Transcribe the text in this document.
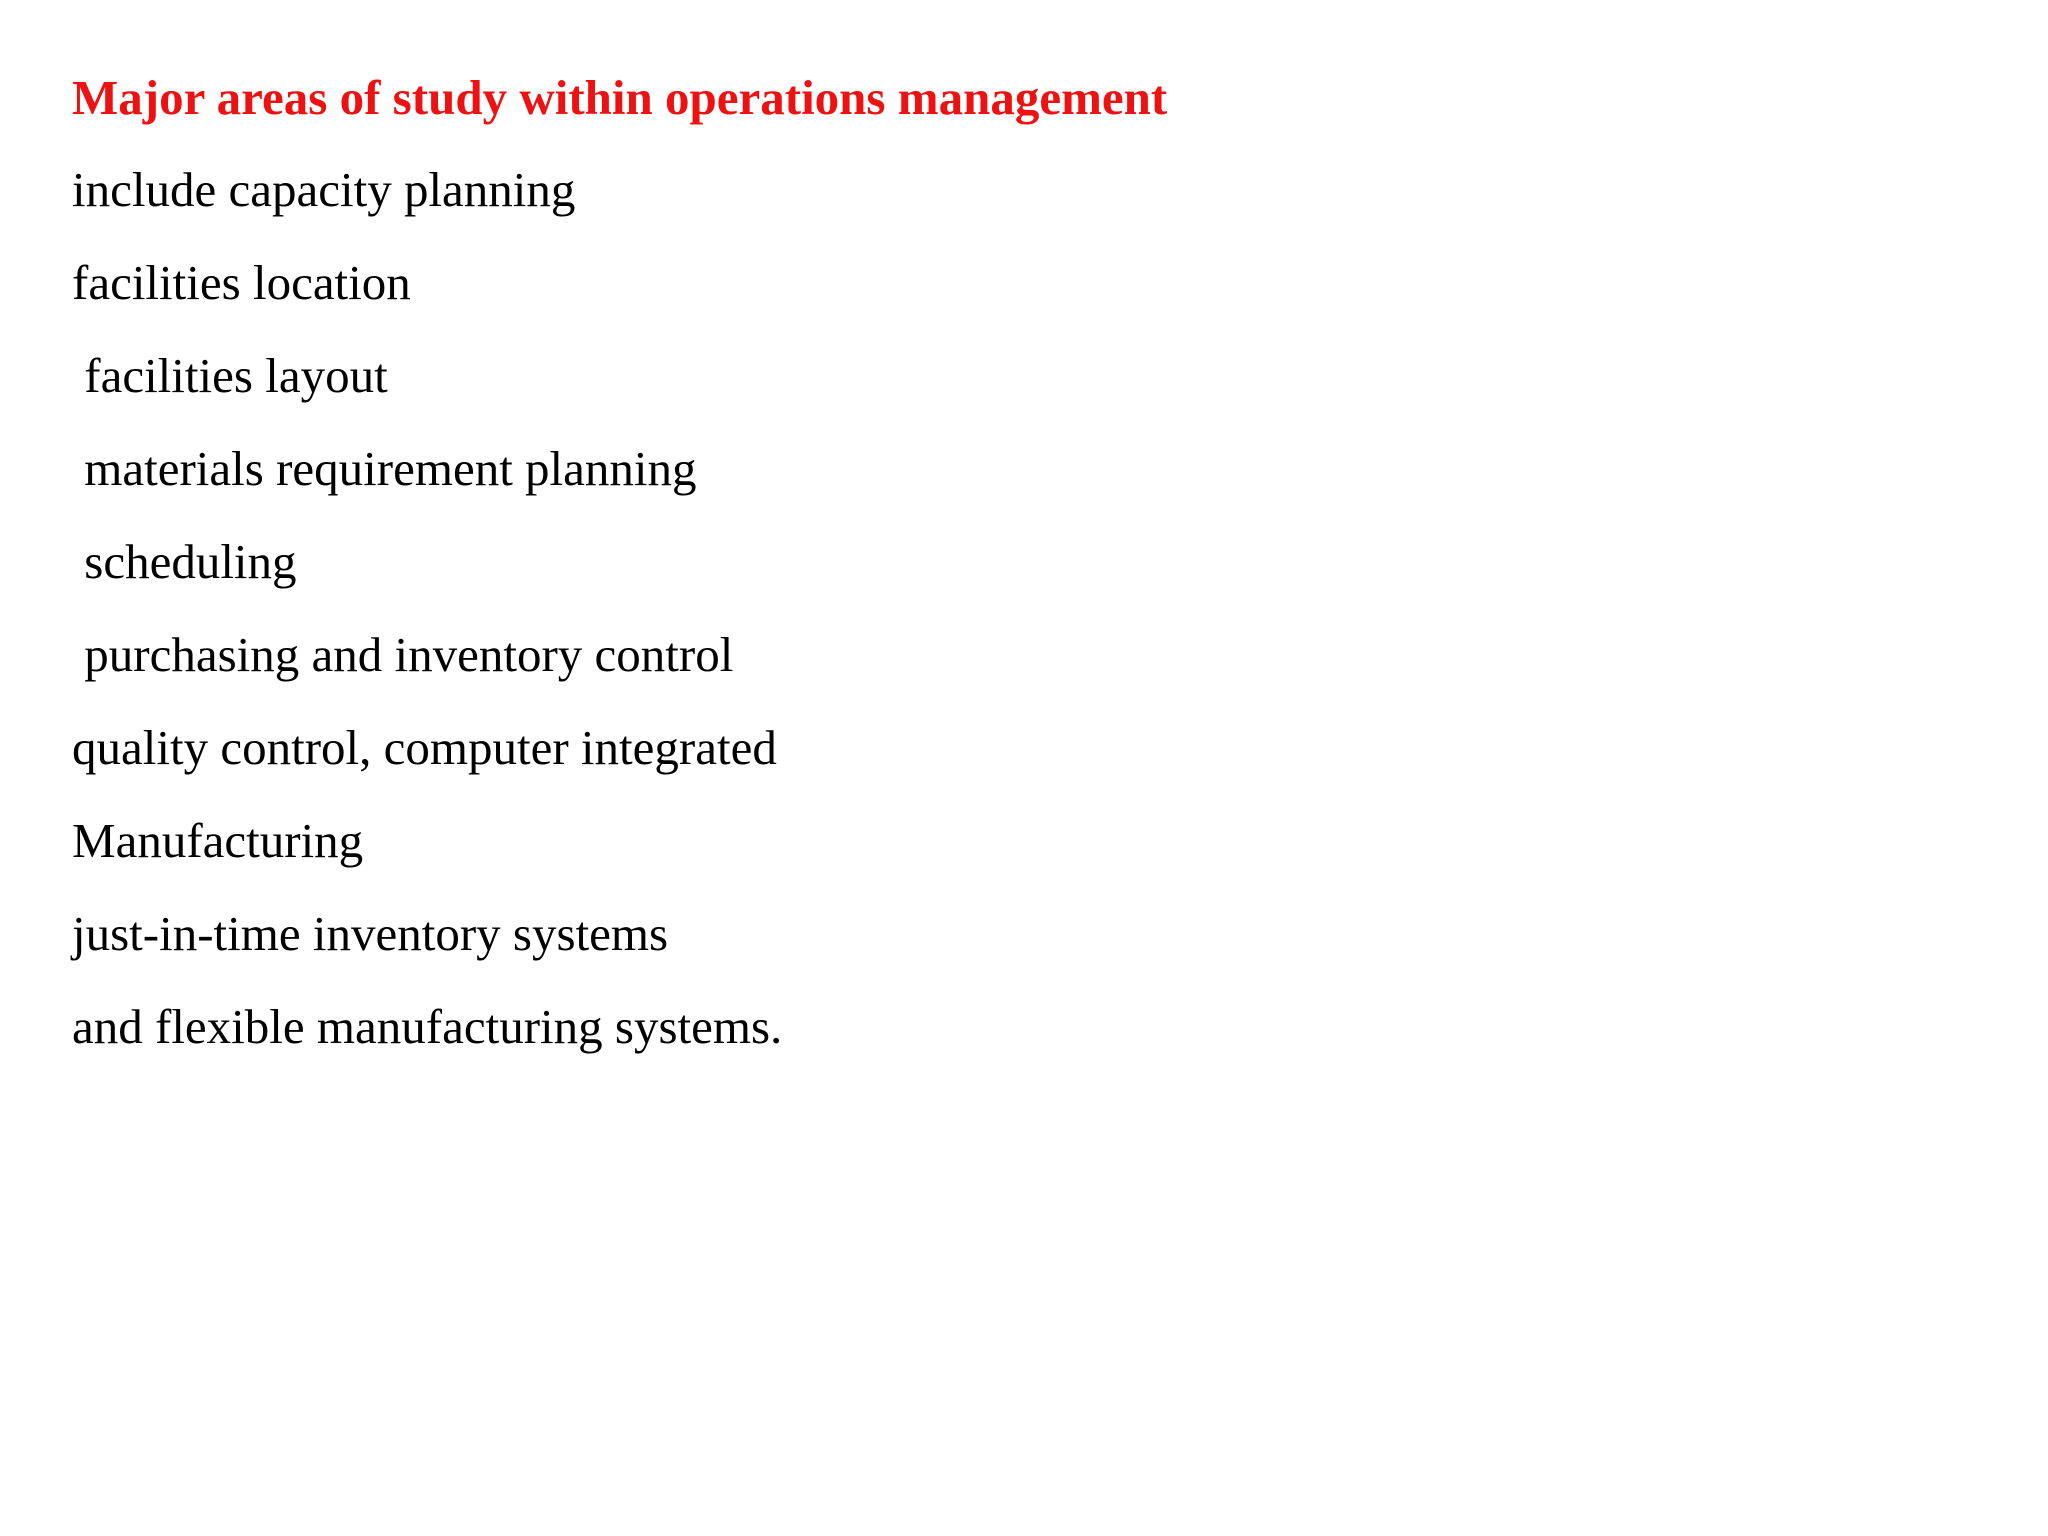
Major areas of study within operations management
include capacity planning
facilities location
facilities layout
materials requirement planning
scheduling
purchasing and inventory control
quality control, computer integrated
Manufacturing
just-in-time inventory systems
and flexible manufacturing systems.
